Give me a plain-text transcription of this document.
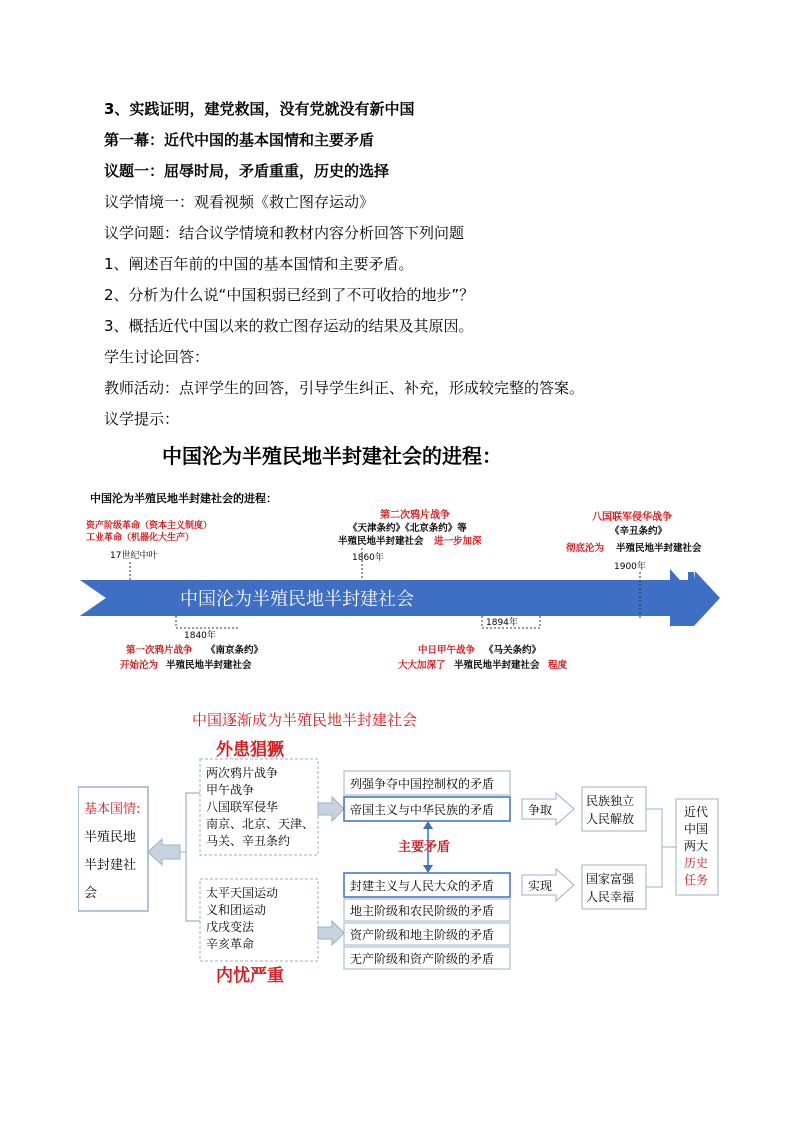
3、实践证明，建党救国，没有党就没有新中国
第一幕：近代中国的基本国情和主要矛盾
议题一：屈辱时局，矛盾重重，历史的选择
议学情境一：观看视频《救亡图存运动》
议学问题：结合议学情境和教材内容分析回答下列问题
1、阐述百年前的中国的基本国情和主要矛盾。
2、分析为什么说“中国积弱已经到了不可收拾的地步”？
3、概括近代中国以来的救亡图存运动的结果及其原因。
学生讨论回答：
教师活动：点评学生的回答，引导学生纠正、补充，形成较完整的答案。
议学提示：
中国沦为半殖民地半封建社会的进程：
中国沦为半殖民地半封建社会的进程：
中国沦为半殖民地半封建社会
资产阶级革命（资本主义制度）
工业革命（机器化大生产）
17世纪中叶
第二次鸦片战争
《天津条约》《北京条约》等
半殖民地半封建社会 进一步加深
1860年
八国联军侵华战争
《辛丑条约》
彻底沦为 半殖民地半封建社会
1900年
1840年
第一次鸦片战争 《南京条约》
开始沦为 半殖民地半封建社会
1894年
中日甲午战争 《马关条约》
大大加深了 半殖民地半封建社会 程度
中国逐渐成为半殖民地半封建社会
外患猖獗
内忧严重
基本国情:
半殖民地
半封建社
会
两次鸦片战争
甲午战争
八国联军侵华
南京、北京、天津、
马关、辛丑条约
太平天国运动
义和团运动
戊戌变法
辛亥革命
列强争夺中国控制权的矛盾
帝国主义与中华民族的矛盾
主要矛盾
封建主义与人民大众的矛盾
地主阶级和农民阶级的矛盾
资产阶级和地主阶级的矛盾
无产阶级和资产阶级的矛盾
争取
实现
民族独立
人民解放
国家富强
人民幸福
近代
中国
两大
历史
任务
